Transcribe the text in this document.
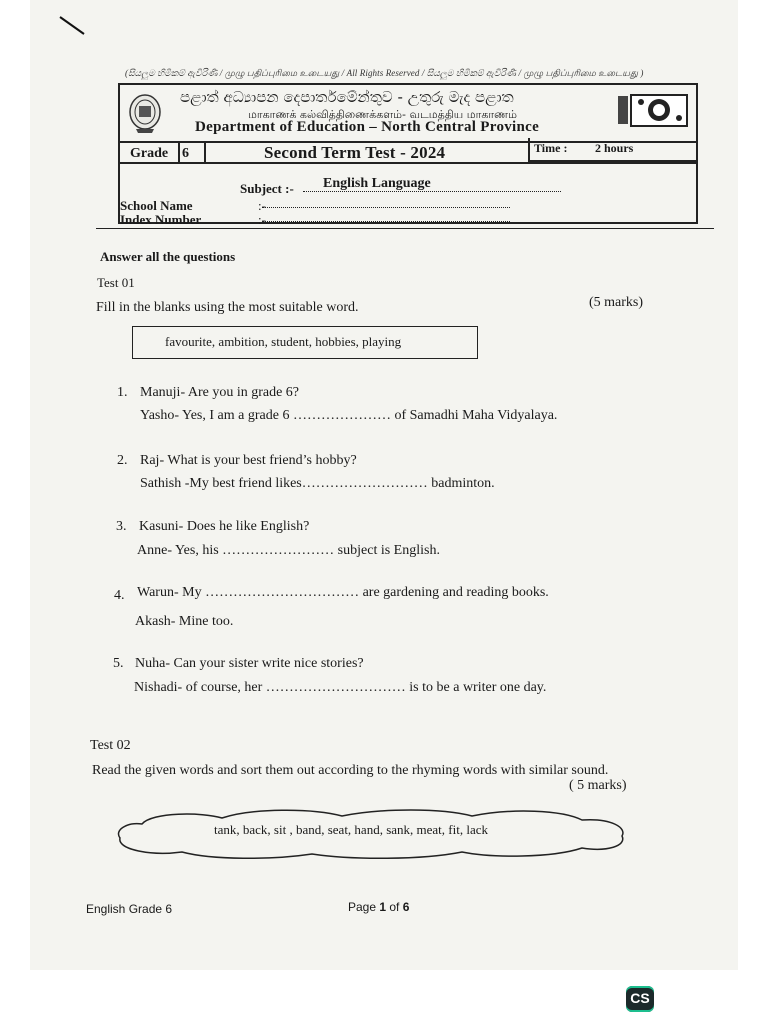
(සියලුම හිමිකම් ඇවිරිණි / முழு பதிப்புரிமை உடையது / All Rights Reserved / සියලුම හිමිකම් ඇවිරිණි / முழு பதிப்புரிமை உடையது )
පළාත් අධ්‍යාපන දෙපාර්තමේන්තුව - උතුරු මැද පළාත
மாகாணக் கல்வித்திணைக்களம்- வடமத்திய மாகாணம்
Department of Education – North Central Province
Grade 6	Second Term Test - 2024	Time : 2 hours
Subject :- English Language
School Name	:-
Index Number	:-
Answer all the questions
Test 01
Fill in the blanks using the most suitable word.	(5 marks)
favourite, ambition, student, hobbies, playing
1. Manuji- Are you in grade 6?
Yasho- Yes, I am a grade 6 ………………… of Samadhi Maha Vidyalaya.
2. Raj- What is your best friend’s hobby?
Sathish -My best friend likes……………………… badminton.
3. Kasuni- Does he like English?
Anne- Yes, his …………………… subject is English.
4. Warun- My …………………………… are gardening and reading books.
Akash- Mine too.
5. Nuha- Can your sister write nice stories?
Nishadi- of course, her ………………………… is to be a writer one day.
Test 02
Read the given words and sort them out according to the rhyming words with similar sound.
( 5 marks)
tank, back, sit , band, seat, hand, sank, meat, fit, lack
English Grade 6	Page 1 of 6
CS
